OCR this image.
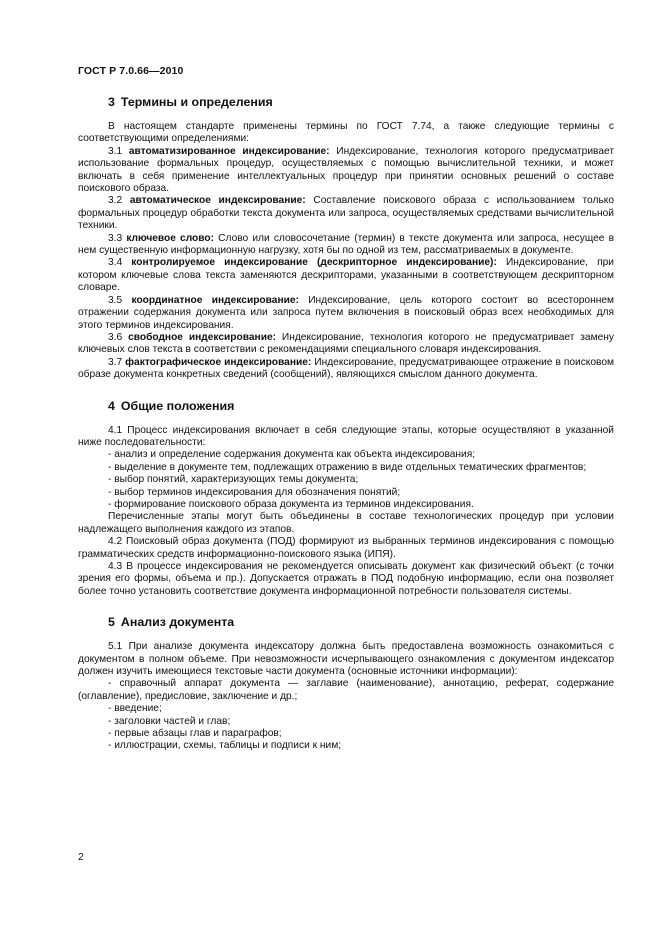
ГОСТ Р 7.0.66—2010
3 Термины и определения

В настоящем стандарте применены термины по ГОСТ 7.74, а также следующие термины с соответствующими определениями:

3.1 автоматизированное индексирование: Индексирование, технология которого предусматривает использование формальных процедур, осуществляемых с помощью вычислительной техники, и может включать в себя применение интеллектуальных процедур при принятии основных решений о составе поискового образа.

3.2 автоматическое индексирование: Составление поискового образа с использованием только формальных процедур обработки текста документа или запроса, осуществляемых средствами вычислительной техники.

3.3 ключевое слово: Слово или словосочетание (термин) в тексте документа или запроса, несущее в нем существенную информационную нагрузку, хотя бы по одной из тем, рассматриваемых в документе.

3.4 контролируемое индексирование (дескрипторное индексирование): Индексирование, при котором ключевые слова текста заменяются дескрипторами, указанными в соответствующем дескрипторном словаре.

3.5 координатное индексирование: Индексирование, цель которого состоит во всестороннем отражении содержания документа или запроса путем включения в поисковый образ всех необходимых для этого терминов индексирования.

3.6 свободное индексирование: Индексирование, технология которого не предусматривает замену ключевых слов текста в соответствии с рекомендациями специального словаря индексирования.

3.7 фактографическое индексирование: Индексирование, предусматривающее отражение в поисковом образе документа конкретных сведений (сообщений), являющихся смыслом данного документа.

4 Общие положения

4.1 Процесс индексирования включает в себя следующие этапы, которые осуществляют в указанной ниже последовательности:

- анализ и определение содержания документа как объекта индексирования;

- выделение в документе тем, подлежащих отражению в виде отдельных тематических фрагментов;

- выбор понятий, характеризующих темы документа;

- выбор терминов индексирования для обозначения понятий;

- формирование поискового образа документа из терминов индексирования.

Перечисленные этапы могут быть объединены в составе технологических процедур при условии надлежащего выполнения каждого из этапов.

4.2 Поисковый образ документа (ПОД) формируют из выбранных терминов индексирования с помощью грамматических средств информационно-поискового языка (ИПЯ).

4.3 В процессе индексирования не рекомендуется описывать документ как физический объект (с точки зрения его формы, объема и пр.). Допускается отражать в ПОД подобную информацию, если она позволяет более точно установить соответствие документа информационной потребности пользователя системы.

5 Анализ документа

5.1 При анализе документа индексатору должна быть предоставлена возможность ознакомиться с документом в полном объеме. При невозможности исчерпывающего ознакомления с документом индексатор должен изучить имеющиеся текстовые части документа (основные источники информации):

- справочный аппарат документа — заглавие (наименование), аннотацию, реферат, содержание (оглавление), предисловие, заключение и др.;

- введение;

- заголовки частей и глав;

- первые абзацы глав и параграфов;

- иллюстрации, схемы, таблицы и подписи к ним;

2
